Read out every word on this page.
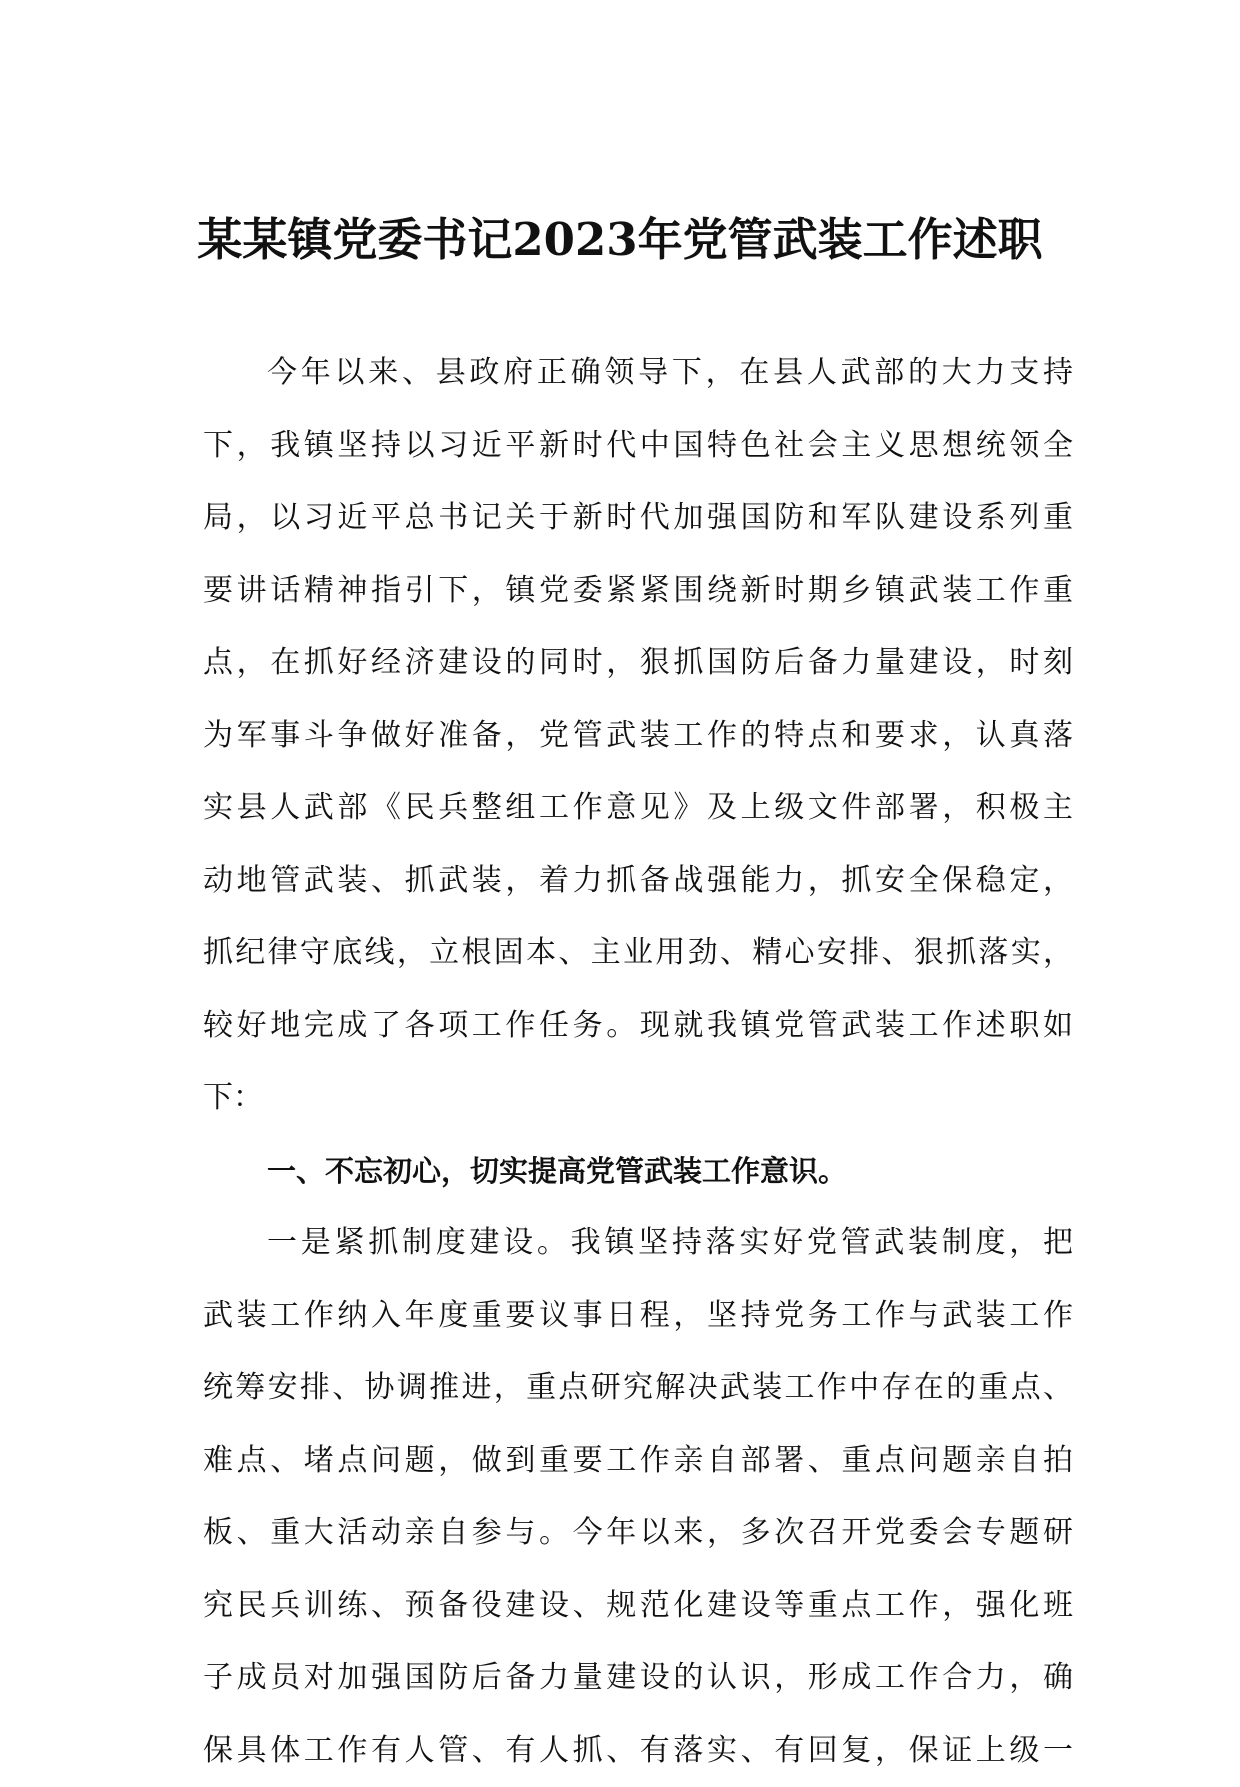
某某镇党委书记2023年党管武装工作述职
今年以来、县政府正确领导下，在县人武部的大力支持
下，我镇坚持以习近平新时代中国特色社会主义思想统领全
局，以习近平总书记关于新时代加强国防和军队建设系列重
要讲话精神指引下，镇党委紧紧围绕新时期乡镇武装工作重
点，在抓好经济建设的同时，狠抓国防后备力量建设，时刻
为军事斗争做好准备，党管武装工作的特点和要求，认真落
实县人武部《民兵整组工作意见》及上级文件部署，积极主
动地管武装、抓武装，着力抓备战强能力，抓安全保稳定，
抓纪律守底线，立根固本、主业用劲、精心安排、狠抓落实，
较好地完成了各项工作任务。现就我镇党管武装工作述职如
下：
一、不忘初心，切实提高党管武装工作意识。
一是紧抓制度建设。我镇坚持落实好党管武装制度，把
武装工作纳入年度重要议事日程，坚持党务工作与武装工作
统筹安排、协调推进，重点研究解决武装工作中存在的重点、
难点、堵点问题，做到重要工作亲自部署、重点问题亲自拍
板、重大活动亲自参与。今年以来，多次召开党委会专题研
究民兵训练、预备役建设、规范化建设等重点工作，强化班
子成员对加强国防后备力量建设的认识，形成工作合力，确
保具体工作有人管、有人抓、有落实、有回复，保证上级一
